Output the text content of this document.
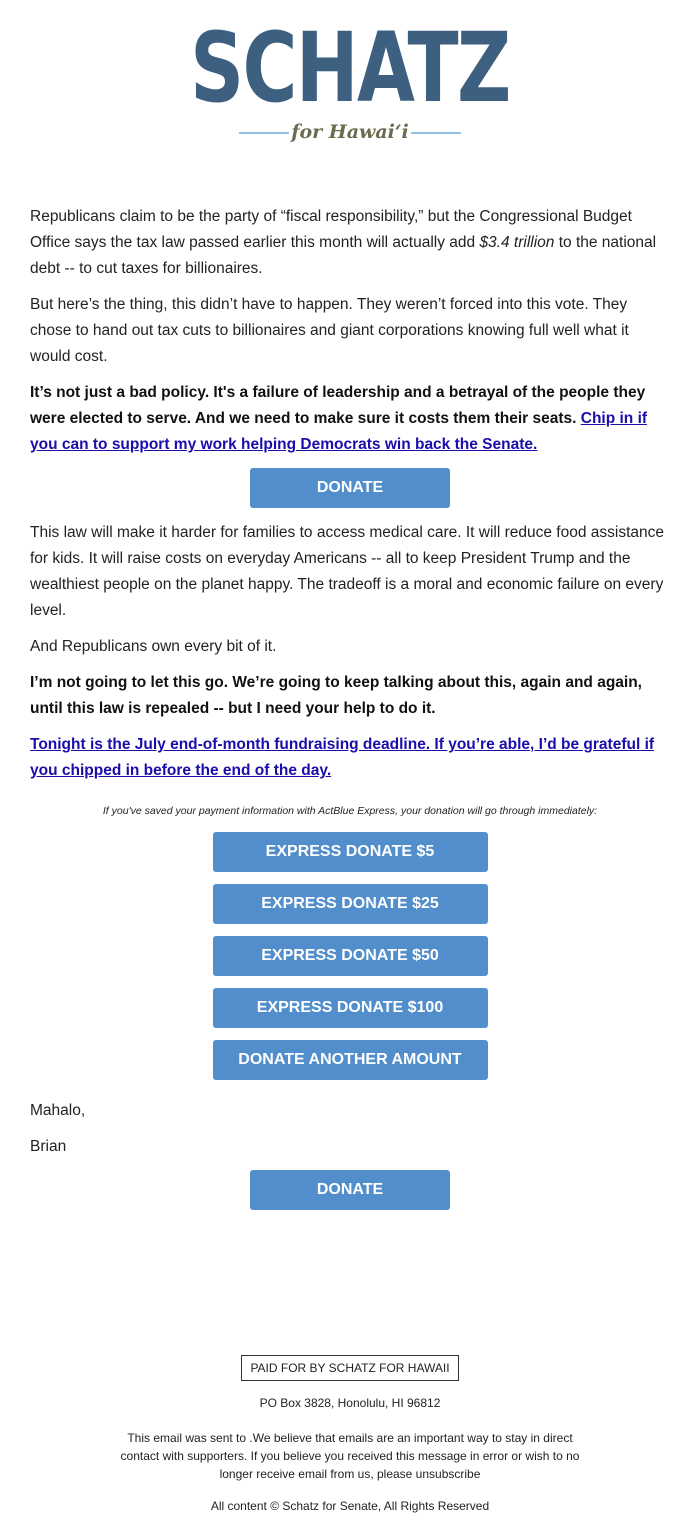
SCHATZ
for Hawaiʻi

Republicans claim to be the party of “fiscal responsibility,” but the Congressional Budget Office says the tax law passed earlier this month will actually add $3.4 trillion to the national debt -- to cut taxes for billionaires.

But here’s the thing, this didn’t have to happen. They weren’t forced into this vote. They chose to hand out tax cuts to billionaires and giant corporations knowing full well what it would cost.

It’s not just a bad policy. It's a failure of leadership and a betrayal of the people they were elected to serve. And we need to make sure it costs them their seats. Chip in if you can to support my work helping Democrats win back the Senate.

DONATE

This law will make it harder for families to access medical care. It will reduce food assistance for kids. It will raise costs on everyday Americans -- all to keep President Trump and the wealthiest people on the planet happy. The tradeoff is a moral and economic failure on every level.

And Republicans own every bit of it.

I’m not going to let this go. We’re going to keep talking about this, again and again, until this law is repealed -- but I need your help to do it.

Tonight is the July end-of-month fundraising deadline. If you’re able, I’d be grateful if you chipped in before the end of the day.

If you've saved your payment information with ActBlue Express, your donation will go through immediately:
EXPRESS DONATE $5
EXPRESS DONATE $25
EXPRESS DONATE $50
EXPRESS DONATE $100
DONATE ANOTHER AMOUNT

Mahalo,

Brian

DONATE
PAID FOR BY SCHATZ FOR HAWAII
PO Box 3828, Honolulu, HI 96812
This email was sent to .We believe that emails are an important way to stay in direct contact with supporters. If you believe you received this message in error or wish to no longer receive email from us, please unsubscribe
All content © Schatz for Senate, All Rights Reserved
